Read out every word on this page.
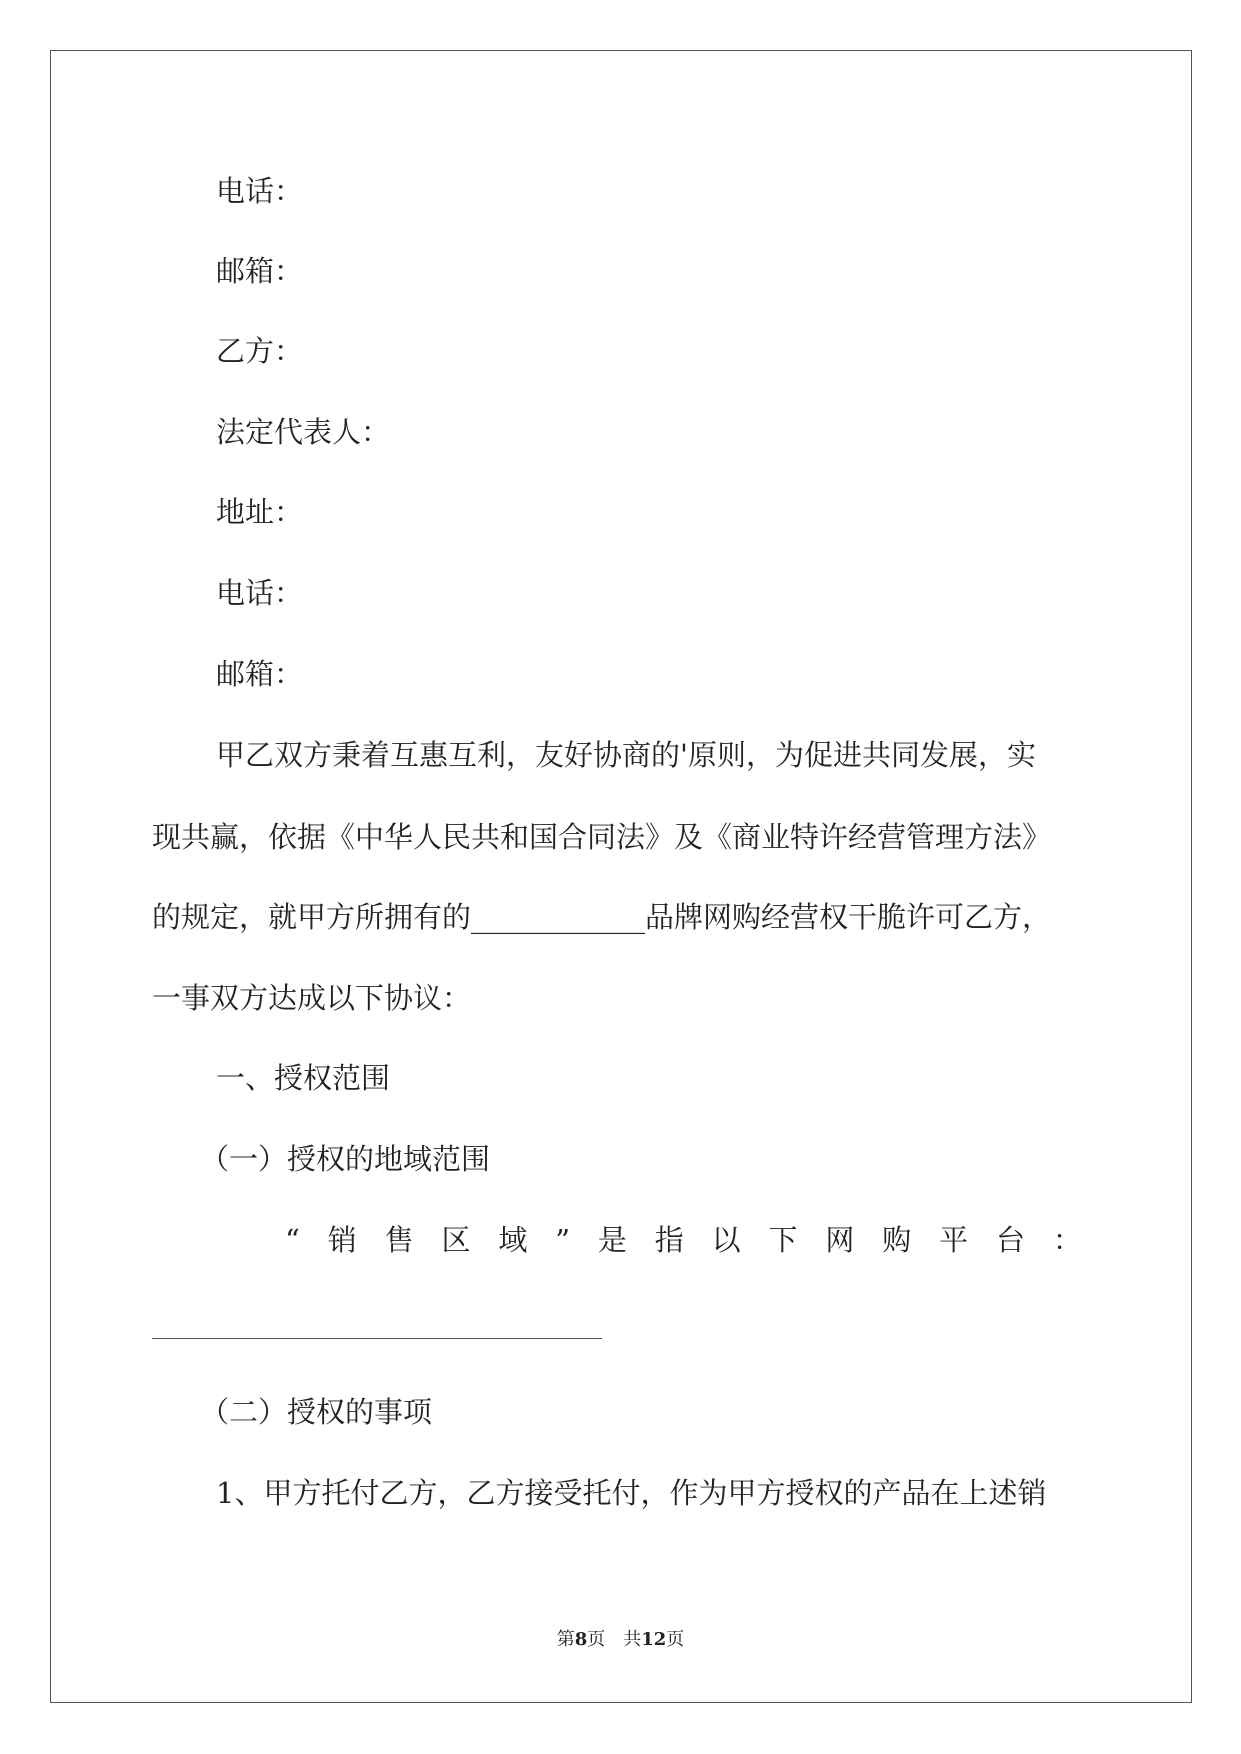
电话：
邮箱：
乙方：
法定代表人：
地址：
电话：
邮箱：
甲乙双方秉着互惠互利，友好协商的'原则，为促进共同发展，实
现共赢，依据《中华人民共和国合同法》及《商业特许经营管理方法》
的规定，就甲方所拥有的____________品牌网购经营权干脆许可乙方，
一事双方达成以下协议：
一、授权范围
（一）授权的地域范围
“ 销 售 区 域 ” 是 指 以 下 网 购 平 台 ：
（二）授权的事项
1、甲方托付乙方，乙方接受托付，作为甲方授权的产品在上述销
第8页　共12页
